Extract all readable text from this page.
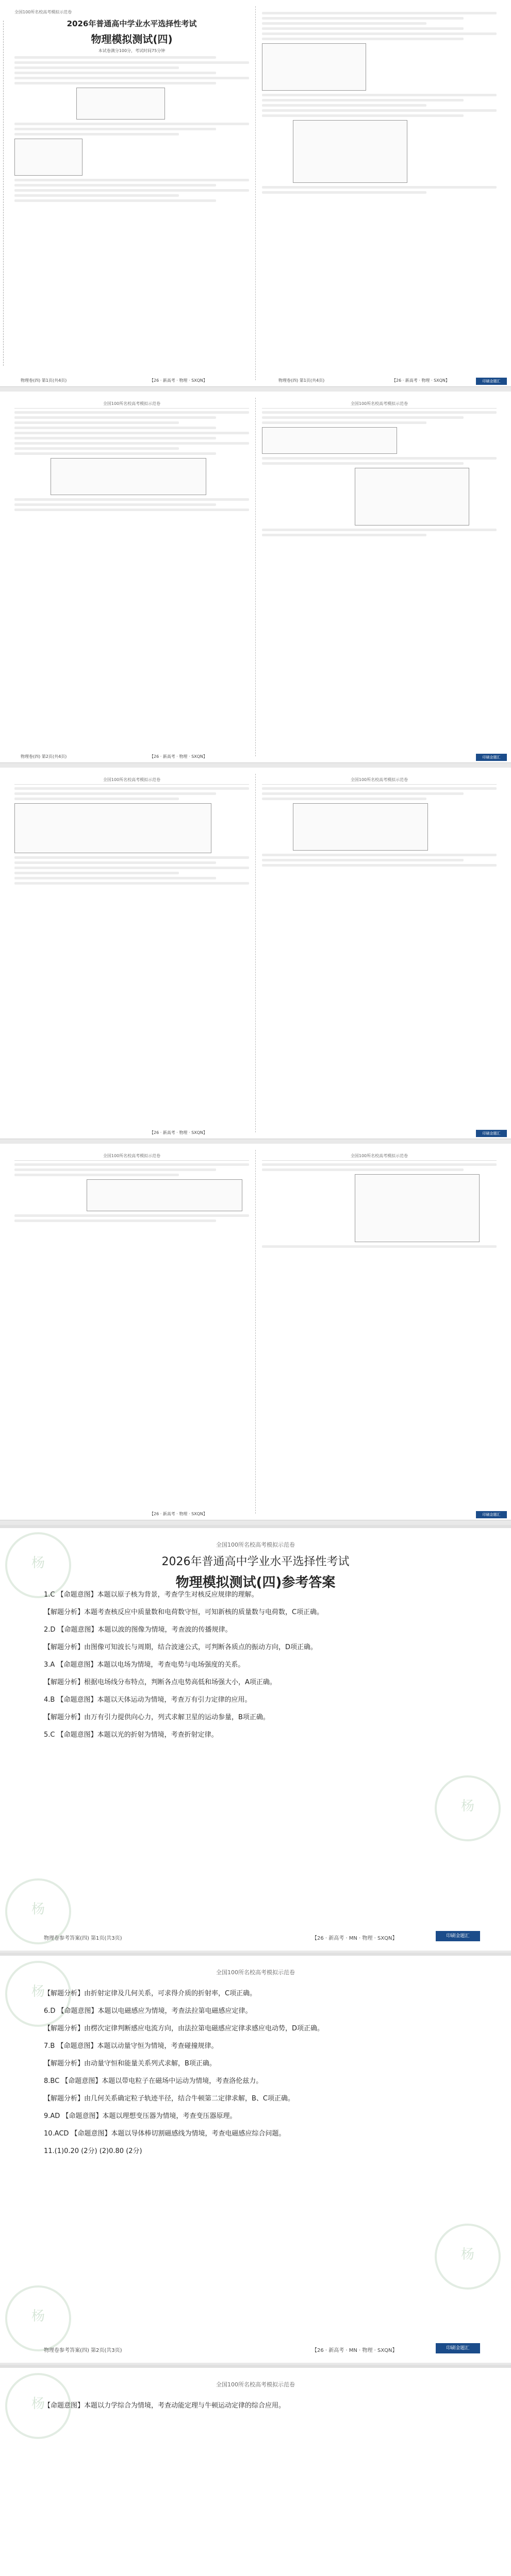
全国100所名校高考模拟示范卷
2026年普通高中学业水平选择性考试
物理模拟测试(四)
本试卷满分100分，考试时间75分钟
物理卷(四) 第1页(共4页)	【26 · 新高考 · 物理 · SXQN】	物理卷(四) 第1页(共4页)	【26 · 新高考 · 物理 · SXQN】	印刷金题汇
全国100所名校高考模拟示范卷	全国100所名校高考模拟示范卷
物理卷(四) 第2页(共4页)	【26 · 新高考 · 物理 · SXQN】	印刷金题汇
全国100所名校高考模拟示范卷	全国100所名校高考模拟示范卷
【26 · 新高考 · 物理 · SXQN】	印刷金题汇
全国100所名校高考模拟示范卷	全国100所名校高考模拟示范卷
【26 · 新高考 · 物理 · SXQN】	印刷金题汇
杨
杨
杨
全国100所名校高考模拟示范卷
2026年普通高中学业水平选择性考试
物理模拟测试(四)参考答案

1.C 【命题意图】本题以原子核为背景，考查学生对核反应规律的理解。

【解题分析】本题考查核反应中质量数和电荷数守恒，可知新核的质量数与电荷数，C项正确。

2.D 【命题意图】本题以波的图像为情境，考查波的传播规律。

【解题分析】由图像可知波长与周期，结合波速公式，可判断各质点的振动方向，D项正确。

3.A 【命题意图】本题以电场为情境，考查电势与电场强度的关系。

【解题分析】根据电场线分布特点，判断各点电势高低和场强大小，A项正确。

4.B 【命题意图】本题以天体运动为情境，考查万有引力定律的应用。

【解题分析】由万有引力提供向心力，列式求解卫星的运动参量，B项正确。

5.C 【命题意图】本题以光的折射为情境，考查折射定律。

物理卷参考答案(四) 第1页(共3页)	【26 · 新高考 · MN · 物理 · SXQN】	印刷金题汇
杨
杨
杨
全国100所名校高考模拟示范卷

【解题分析】由折射定律及几何关系，可求得介质的折射率，C项正确。

6.D 【命题意图】本题以电磁感应为情境，考查法拉第电磁感应定律。

【解题分析】由楞次定律判断感应电流方向，由法拉第电磁感应定律求感应电动势，D项正确。

7.B 【命题意图】本题以动量守恒为情境，考查碰撞规律。

【解题分析】由动量守恒和能量关系列式求解，B项正确。

8.BC 【命题意图】本题以带电粒子在磁场中运动为情境，考查洛伦兹力。

【解题分析】由几何关系确定粒子轨迹半径，结合牛顿第二定律求解，B、C项正确。

9.AD 【命题意图】本题以理想变压器为情境，考查变压器原理。

10.ACD 【命题意图】本题以导体棒切割磁感线为情境，考查电磁感应综合问题。

11.(1)0.20 (2分) (2)0.80 (2分)

物理卷参考答案(四) 第2页(共3页)	【26 · 新高考 · MN · 物理 · SXQN】	印刷金题汇
杨
全国100所名校高考模拟示范卷

【命题意图】本题以力学综合为情境，考查动能定理与牛顿运动定律的综合应用。
